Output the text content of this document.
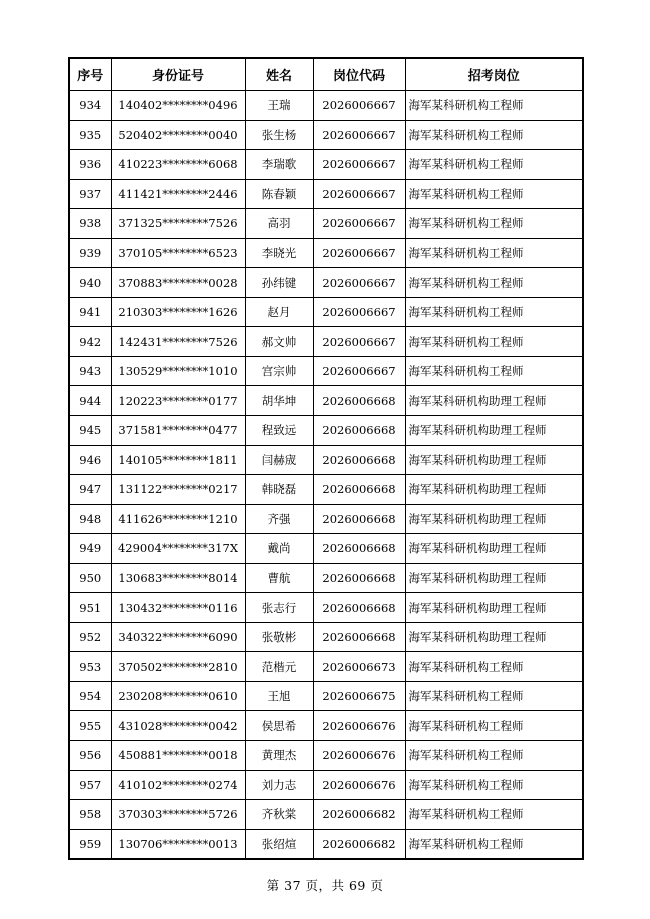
序号	身份证号	姓名	岗位代码	招考岗位
934	140402********0496	王瑞	2026006667	海军某科研机构工程师
935	520402********0040	张生杨	2026006667	海军某科研机构工程师
936	410223********6068	李瑞歌	2026006667	海军某科研机构工程师
937	411421********2446	陈春颖	2026006667	海军某科研机构工程师
938	371325********7526	高羽	2026006667	海军某科研机构工程师
939	370105********6523	李晓光	2026006667	海军某科研机构工程师
940	370883********0028	孙纬键	2026006667	海军某科研机构工程师
941	210303********1626	赵月	2026006667	海军某科研机构工程师
942	142431********7526	郝文帅	2026006667	海军某科研机构工程师
943	130529********1010	宫宗帅	2026006667	海军某科研机构工程师
944	120223********0177	胡华坤	2026006668	海军某科研机构助理工程师
945	371581********0477	程致远	2026006668	海军某科研机构助理工程师
946	140105********1811	闫赫宬	2026006668	海军某科研机构助理工程师
947	131122********0217	韩晓磊	2026006668	海军某科研机构助理工程师
948	411626********1210	齐强	2026006668	海军某科研机构助理工程师
949	429004********317X	戴尚	2026006668	海军某科研机构助理工程师
950	130683********8014	曹航	2026006668	海军某科研机构助理工程师
951	130432********0116	张志行	2026006668	海军某科研机构助理工程师
952	340322********6090	张敬彬	2026006668	海军某科研机构助理工程师
953	370502********2810	范楷元	2026006673	海军某科研机构工程师
954	230208********0610	王旭	2026006675	海军某科研机构工程师
955	431028********0042	侯思希	2026006676	海军某科研机构工程师
956	450881********0018	黄理杰	2026006676	海军某科研机构工程师
957	410102********0274	刘力志	2026006676	海军某科研机构工程师
958	370303********5726	齐秋棠	2026006682	海军某科研机构工程师
959	130706********0013	张绍煊	2026006682	海军某科研机构工程师
第 37 页，共 69 页
